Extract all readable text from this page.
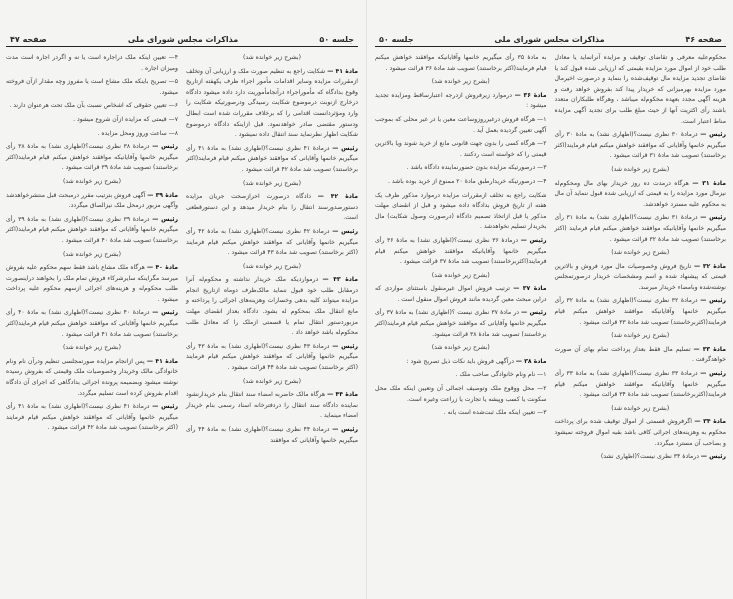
جلسه ۵۰
مذاکرات مجلس شورای ملی
صفحه ۴۷

(بشرح زیر خوانده شد)

مادهٔ ۴۱ — شکایت راجع به تنظیم صورت ملک و ارزیابی آن وتخلف ازمقررات مزایده وسایر اقدامات مأمور اجراء ظرف یکهفته ازتاریخ وقوع بدادگاه که مأموراجراء درآنجامأموریت دارد داده میشود دادگاه درخارج ازنوبت درموضوع شکایت رسیدگی ودرصورتیکه شکایت را وارد ومؤثردانست اقدامی را که برخلاف مقررات شده است ابطال ودستور مقتضی صادر خواهدنمود. قبل ازاینکه دادگاه درموضوع شکایت اظهار نظرنماید سند انتقال داده نمیشود .

رئیس — درمادهٔ ۴۱ نظری نیست؟(اظهاری نشد) به مادهٔ ۴۱ رأی میگیریم خانمها وآقایانی که موافقند خواهش میکنم قیام فرمایند(اکثر برخاستند) تصویب شد مادهٔ ۴۲ قرائت میشود .

(بشرح زیر خوانده شد)

مادهٔ ۴۲ — دادگاه درصورت احرازصحت جریان مزایده دستورصدورسند انتقال را بنام خریدار میدهد و این دستورقطعی است.

رئیس — درمادهٔ ۴۲ نظری نیست؟(اظهاری نشد) به مادهٔ ۴۲ رأی میگیریم خانمها وآقایانی که موافقند خواهش میکنم قیام فرمایند (اکثر برخاستند) تصویب شد مادهٔ ۴۳ قرائت میشود .

(بشرح زیر خوانده شد)

مادهٔ ۴۳ — درمواردیکه ملک خریدار نداشته و محکوم‌له آنرا درمقابل طلب خود قبول ننماید مالک‌ظرف دوماه ازتاریخ انجام مزایده میتواند کلیه بدهی وخسارات وهزینه‌های اجرائی را پرداخته و مانع انتقال ملک بمحکوم له بشود. دادگاه بعداز انقضای مهلت مزبوردستور انتقال تمام یا قسمتی ازملک را که معادل طلب محکوم‌له باشد خواهد داد .

رئیس — درمادهٔ ۴۳ نظری نیست؟(اظهاری نشد) به مادهٔ ۴۳ رأی میگیریم خانمها وآقایانی که موافقند خواهش میکنم قیام فرمایند (اکثر برخاستند) تصویب شد مادهٔ ۴۴ قرائت میشود .

(بشرح زیر خوانده شد)

مادهٔ ۴۴ — هرگاه مالک حاضربه امضاء سند انتقال بنام خریدارنشود نماینده دادگاه سند انتقال را دردفترخانه اسناد رسمی بنام خریدار امضاء مینماید .

رئیس — درمادهٔ ۴۴ نظری نیست؟(اظهاری نشد) به مادهٔ ۴۴ رأی میگیریم خانمها وآقایانی که موافقند

۴— تعیین اینکه ملک دراجاره است یا نه و اگردر اجاره است مدت ومیزان اجاره .

۵— تصریح باینکه ملک مشاع است یا مفروز وچه مقدار ازآن فروخته میشود.

۶— تعیین حقوقی که اشخاص نسبت بآن ملک تحت هرعنوان دارند .

۷— قیمتی که مزایده ازآن شروع میشود .

۸— ساعت وروز ومحل مزایده .

رئیس — درمادهٔ ۳۸ نظری نیست؟(اظهاری نشد) به مادهٔ ۳۸ رأی میگیریم خانمها وآقایانیکه موافقند خواهش میکنم قیام فرمایند(اکثر برخاستند) تصویب شد مادهٔ ۳۹ قرائت میشود .

(بشرح زیر خوانده شد)

مادهٔ ۳۹ — آگهی فروش بترتیب مقرر درمبحث قبل منتشرخواهدشد وآگهی مزبور درمحل ملک نیزالصاق میگردد.

رئیس — درمادهٔ ۳۹ نظری نیست؟(اظهاری نشد) به مادهٔ ۳۹ رأی میگیریم خانمها وآقایانی که موافقند خواهش میکنم قیام فرمایند(اکثر برخاستند) تصویب شد مادهٔ ۴۰ قرائت میشود .

(بشرح زیر خوانده شد)

مادهٔ ۴۰ — هرگاه ملک مشاع باشد فقط سهم محکوم علیه بفروش میرسد مگراینکه سایرشرکاء فروش تمام ملک را بخواهند دراینصورت طلب محکوم‌له و هزینه‌های اجرائی ازسهم محکوم علیه پرداخت میشود .

رئیس — درمادهٔ ۴۰ نظری نیست؟(اظهاری نشد) به مادهٔ ۴۰ رأی میگیریم خانمها وآقایانی که موافقند خواهش میکنم قیام فرمایند(اکثر برخاستند) تصویب شد مادهٔ ۴۱ قرائت میشود .

(بشرح زیر خوانده شد)

مادهٔ ۴۱ — پس ازانجام مزایده صورتمجلسی تنظیم ودرآن نام ونام خانوادگی مالک وخریدار وخصوصیات ملک وقیمتی که بفروش رسیده نوشته میشود وبضمیمه پرونده اجرائی بدادگاهی که اجرای آن دادگاه اقدام بفروش کرده است تسلیم میگردد.

رئیس — درمادهٔ ۴۱ نظری نیست؟(اظهاری نشد) به مادهٔ ۴۱ رأی میگیریم خانمها وآقایانی که موافقند خواهش میکنم قیام فرمایند (اکثر برخاستند) تصویب شد مادهٔ ۴۲ قرائت میشود .

صفحه ۴۶
مذاکرات مجلس شورای ملی
جلسه ۵۰

محکوم‌علیه معرفی و تقاضای توقیف و مزایده آنرانماید یا معادل طلب خود از اموال مورد مزایده بقیمتی که ارزیابی شده قبول کند یا تقاضای تجدید مزایده مال توقیف‌شده را بنماید و درصورت اخیرمال مورد مزایده بهرمیزانی که خریدار پیدا کند بفروش خواهد رفت و هزینه آگهی مجدد بعهده محکوم‌له میباشد ، وهرگاه طلبکاران متعدد باشند رأی اکثریت آنها از حیث مبلغ طلب برای تجدید آگهی مزایده مناط اعتبار است.

رئیس — درمادهٔ ۳۰ نظری نیست؟(اظهاری نشد) به مادهٔ ۳۰ رأی میگیریم خانمها وآقایانی که موافقند خواهش میکنم قیام فرمایند(اکثر برخاستند) تصویب شد مادهٔ ۳۱ قرائت میشود .

(بشرح زیر خوانده شد)

مادهٔ ۳۱ — هرگاه درمدت ده روز خریدار بهای مال ومحکوم‌له نیزمال مورد مزایده را به قیمتی که ارزیابی شده قبول ننماید آن مال به محکوم علیه مسترد خواهدشد.

رئیس — درمادهٔ ۳۱ نظری نیست؟(اظهاری نشد) به مادهٔ ۳۱ رأی میگیریم خانمها وآقایانیکه موافقند خواهش میکنم قیام فرمایند (اکثر برخاستند) تصویب شد مادهٔ ۳۲ قرائت میشود .

(بشرح زیر خوانده شد)

مادهٔ ۳۲ — تاریخ فروش وخصوصیات مال مورد فروش و بالاترین قیمتی که پیشنهاد شده و اسم ومشخصات خریدار درصورتمجلس نوشته‌شده وبامضاء خریدار میرسد.

رئیس — درمادهٔ ۳۲ نظری نیست؟(اظهاری نشد) به مادهٔ ۳۲ رأی میگیریم خانمها وآقایانیکه موافقند خواهش میکنم قیام فرمایند(اکثربرخاستند) تصویب شد مادهٔ ۳۳ قرائت میشود .

(بشرح زیر خوانده شد)

مادهٔ ۳۳ — تسلیم مال فقط بعداز پرداخت تمام بهای آن صورت خواهدگرفت .

رئیس — درمادهٔ ۳۳ نظری نیست؟(اظهاری نشد) به مادهٔ ۳۳ رأی میگیریم خانمها وآقایانیکه موافقند خواهش میکنم قیام فرمایند(اکثربرخاستند) تصویب شد مادهٔ ۳۴ قرائت میشود .

(بشرح زیر خوانده شد)

مادهٔ ۳۴ — اگرفروش قسمتی از اموال توقیف شده برای پرداخت محکوم به وهزینه‌های اجرائی کافی باشد بقیه اموال فروخته نمیشود و بصاحب آن مسترد میگردد.

رئیس — درمادهٔ ۳۴ نظری نیست؟(اظهاری نشد)

به مادهٔ ۳۵ رأی میگیریم خانمها وآقایانیکه موافقند خواهش میکنم قیام فرمایند(اکثر برخاستند) تصویب شد مادهٔ ۳۶ قرائت میشود .

(بشرح زیر خوانده شد)

مادهٔ ۳۶ — درموارد زیرفروش ازدرجه اعتبارساقط ومزایده تجدید میشود :

۱— هرگاه فروش درغیرروزوساعت معین یا در غیر محلی که بموجب آگهی تعیین گردیده بعمل آید .

۲— هرگاه کسی را بدون جهت قانونی مانع از خرید شوند ویا بالاترین قیمتی را که خواسته است ردکنند .

۳— درصورتیکه مزایده بدون حضورنماینده دادگاه باشد .

۴— درصورتیکه خریدارطبق مادهٔ ۲۰ ممنوع از خرید بوده باشد .

شکایت راجع به تخلف ازمقررات مزایده درموارد مذکور ظرف یک هفته از تاریخ فروش بدادگاه داده میشود و قبل از انقضای مهلت مذکور یا قبل ازاتخاذ تصمیم دادگاه (درصورت وصول شکایت) مال بخریدار تسلیم نخواهدشد .

رئیس — درمادهٔ ۳۶ نظری نیست؟(اظهاری نشد) به مادهٔ ۳۶ رأی میگیریم خانمها وآقایانیکه موافقند خواهش میکنم قیام فرمایند(اکثربرخاستند) تصویب شد مادهٔ ۳۷ قرائت میشود .

(بشرح زیر خوانده شد)

مادهٔ ۳۷ — ترتیب فروش اموال غیرمنقول باستثنای مواردی که دراین مبحث معین گردیده مانند فروش اموال منقول است .

رئیس — در مادهٔ ۳۷ نظری نیست ؟(اظهاری نشد) به مادهٔ ۳۷ رأی میگیریم خانمها وآقایانی که موافقند خواهش میکنم قیام فرمایند(اکثر برخاستند) تصویب شد مادهٔ ۳۸ قرائت میشود.

(بشرح زیر خوانده شد)

مادهٔ ۳۸ — درآگهی فروش باید نکات ذیل تصریح شود :

۱— نام ونام خانوادگی صاحب ملک .

۲— محل ووقوع ملک وتوصیف اجمالی آن وتعیین اینکه ملک محل سکونت یا کسب وپیشه یا تجارت یا زراعت وغیره است.

۳— تعیین اینکه ملک ثبت‌شده است یانه .
